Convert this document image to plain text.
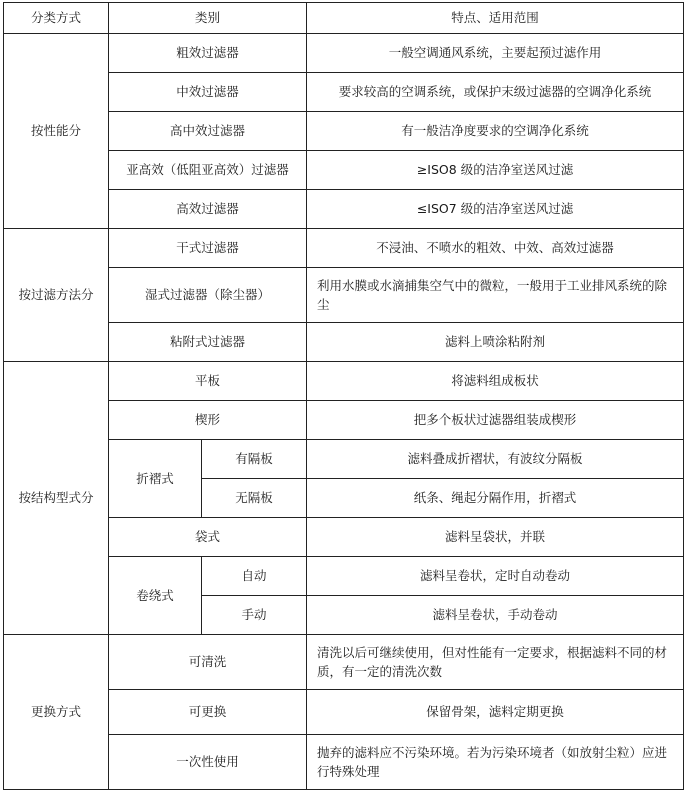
分类方式	类别		特点、适用范围
按性能分	粗效过滤器		一般空调通风系统，主要起预过滤作用
	中效过滤器		要求较高的空调系统，或保护末级过滤器的空调净化系统
	高中效过滤器		有一般洁净度要求的空调净化系统
	亚高效（低阻亚高效）过滤器		≥ISO8 级的洁净室送风过滤
	高效过滤器		≤ISO7 级的洁净室送风过滤
按过滤方法分	干式过滤器		不浸油、不喷水的粗效、中效、高效过滤器
	湿式过滤器（除尘器）		利用水膜或水滴捕集空气中的微粒，一般用于工业排风系统的除尘
	粘附式过滤器		滤料上喷涂粘附剂
按结构型式分	平板		将滤料组成板状
	楔形		把多个板状过滤器组装成楔形
	折褶式	有隔板	滤料叠成折褶状，有波纹分隔板
		无隔板	纸条、绳起分隔作用，折褶式
	袋式		滤料呈袋状，并联
	卷绕式	自动	滤料呈卷状，定时自动卷动
		手动	滤料呈卷状，手动卷动
更换方式	可清洗		清洗以后可继续使用，但对性能有一定要求，根据滤料不同的材质，有一定的清洗次数
	可更换		保留骨架，滤料定期更换
	一次性使用		抛弃的滤料应不污染环境。若为污染环境者（如放射尘粒）应进行特殊处理
